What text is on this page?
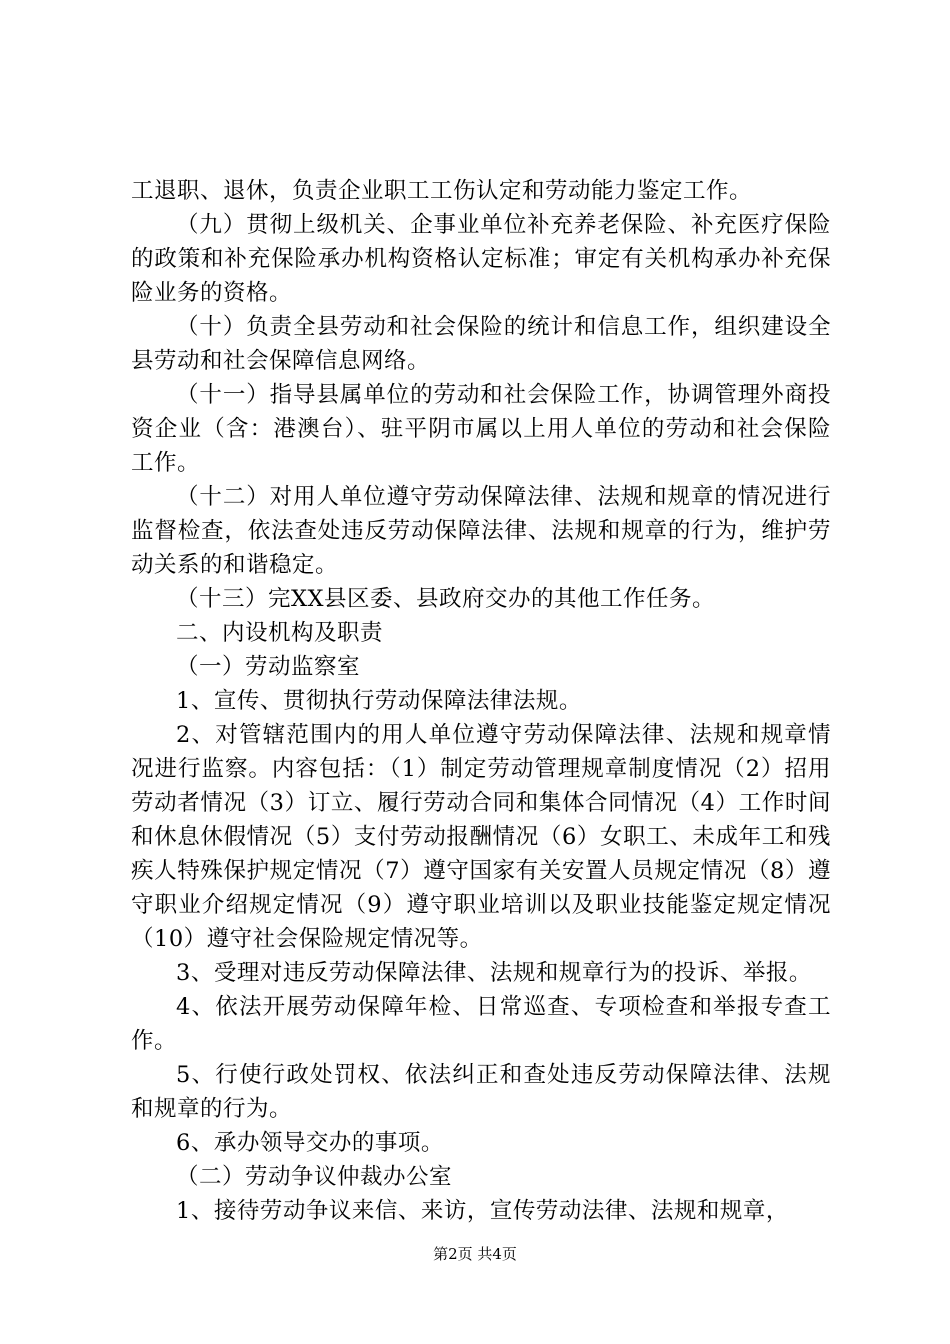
工退职、退休，负责企业职工工伤认定和劳动能力鉴定工作。

（九）贯彻上级机关、企事业单位补充养老保险、补充医疗保险的政策和补充保险承办机构资格认定标准；审定有关机构承办补充保险业务的资格。

（十）负责全县劳动和社会保险的统计和信息工作，组织建设全县劳动和社会保障信息网络。

（十一）指导县属单位的劳动和社会保险工作，协调管理外商投资企业（含：港澳台）、驻平阴市属以上用人单位的劳动和社会保险工作。

（十二）对用人单位遵守劳动保障法律、法规和规章的情况进行监督检查，依法查处违反劳动保障法律、法规和规章的行为，维护劳动关系的和谐稳定。

（十三）完XX县区委、县政府交办的其他工作任务。

二、内设机构及职责

（一）劳动监察室

1、宣传、贯彻执行劳动保障法律法规。

2、对管辖范围内的用人单位遵守劳动保障法律、法规和规章情况进行监察。内容包括：（1）制定劳动管理规章制度情况（2）招用劳动者情况（3）订立、履行劳动合同和集体合同情况（4）工作时间和休息休假情况（5）支付劳动报酬情况（6）女职工、未成年工和残疾人特殊保护规定情况（7）遵守国家有关安置人员规定情况（8）遵守职业介绍规定情况（9）遵守职业培训以及职业技能鉴定规定情况（10）遵守社会保险规定情况等。

3、受理对违反劳动保障法律、法规和规章行为的投诉、举报。

4、依法开展劳动保障年检、日常巡查、专项检查和举报专查工作。

5、行使行政处罚权、依法纠正和查处违反劳动保障法律、法规和规章的行为。

6、承办领导交办的事项。

（二）劳动争议仲裁办公室

1、接待劳动争议来信、来访，宣传劳动法律、法规和规章，

第2页 共4页
